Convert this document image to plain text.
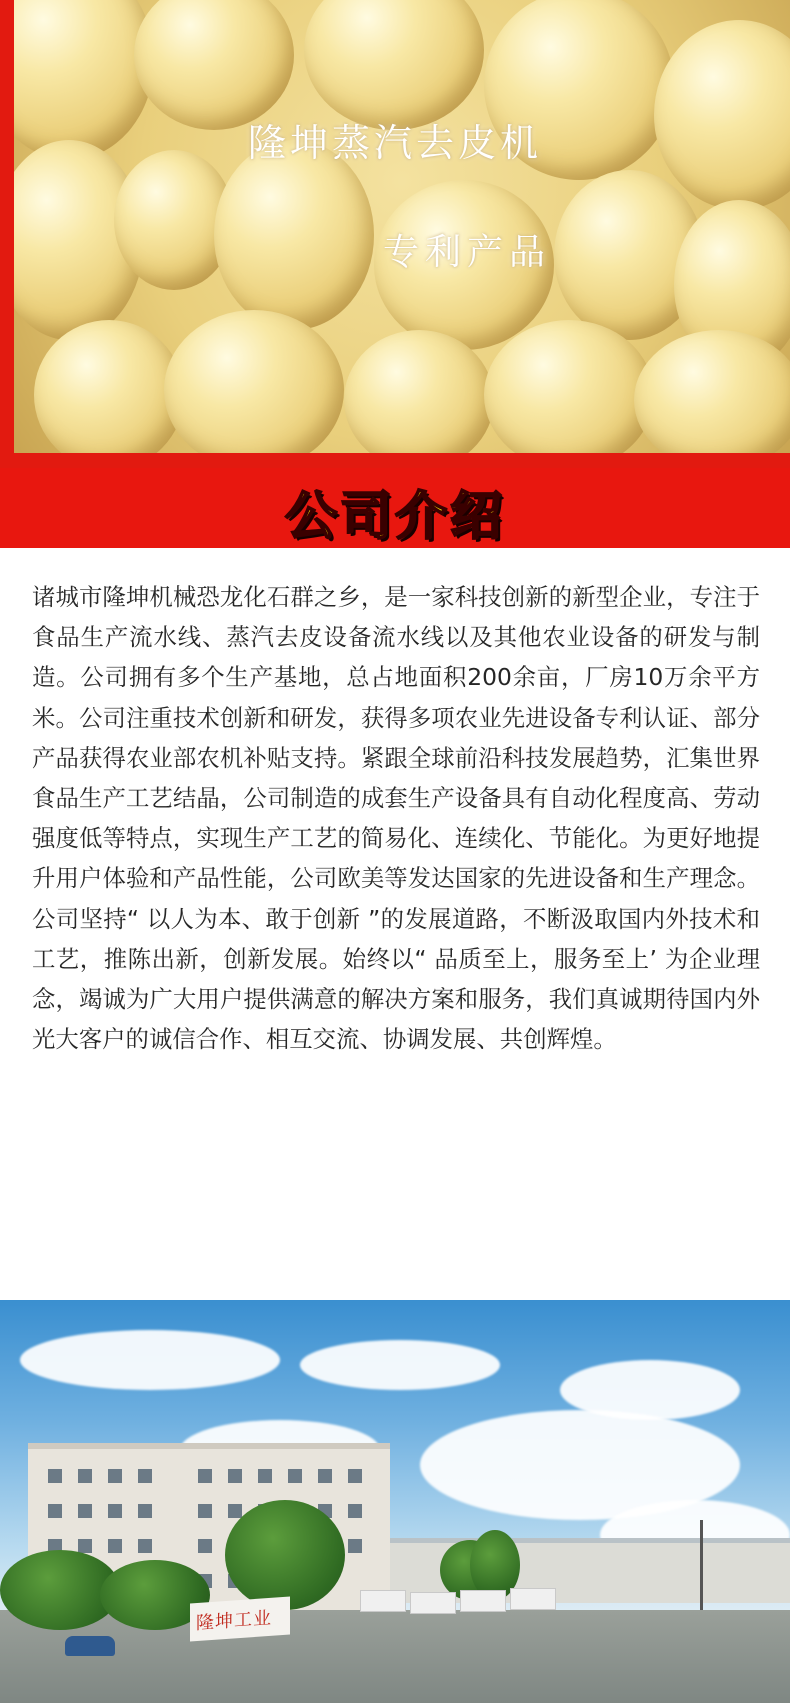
隆坤蒸汽去皮机
专利产品
公司介绍

诸城市隆坤机械恐龙化石群之乡，是一家科技创新的新型企业，专注于食品生产流水线、蒸汽去皮设备流水线以及其他农业设备的研发与制造。公司拥有多个生产基地，总占地面积200余亩，厂房10万余平方米。公司注重技术创新和研发，获得多项农业先进设备专利认证、部分产品获得农业部农机补贴支持。紧跟全球前沿科技发展趋势，汇集世界食品生产工艺结晶，公司制造的成套生产设备具有自动化程度高、劳动强度低等特点，实现生产工艺的简易化、连续化、节能化。为更好地提升用户体验和产品性能，公司欧美等发达国家的先进设备和生产理念。 公司坚持“ 以人为本、敢于创新 ”的发展道路，不断汲取国内外技术和工艺，推陈出新，创新发展。始终以“ 品质至上，服务至上’ 为企业理念，竭诚为广大用户提供满意的解决方案和服务，我们真诚期待国内外光大客户的诚信合作、相互交流、协调发展、共创辉煌。

隆坤工业
